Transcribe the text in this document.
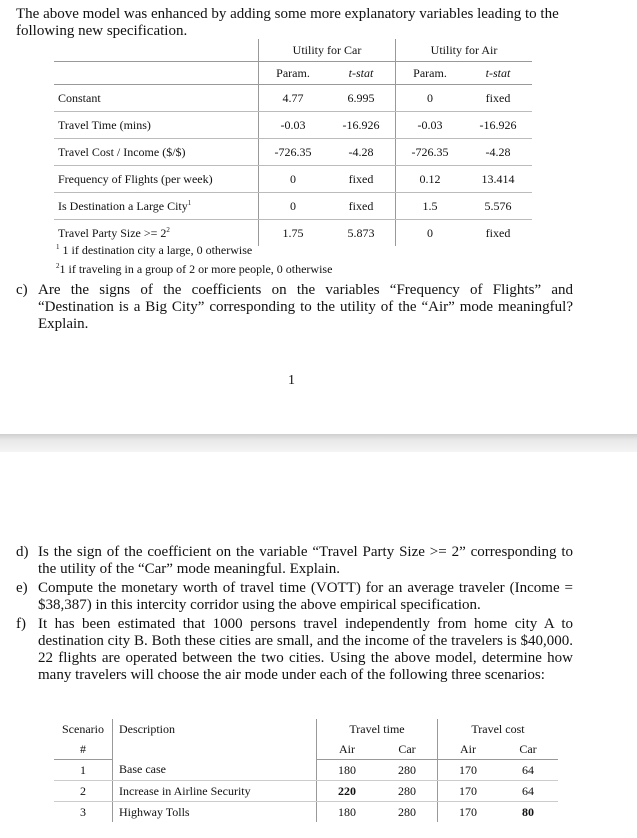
The above model was enhanced by adding some more explanatory variables leading to the following new specification.
	Utility for Car		Utility for Air	
	Param.	t-stat	Param.	t-stat
Constant	4.77	6.995	0	fixed
Travel Time (mins)	-0.03	-16.926	-0.03	-16.926
Travel Cost / Income ($/$)	-726.35	-4.28	-726.35	-4.28
Frequency of Flights (per week)	0	fixed	0.12	13.414
Is Destination a Large City$^1$	0	fixed	1.5	5.576
Travel Party Size >= $2^2$	1.75	5.873	0	fixed
$^1$ 1 if destination city a large, 0 otherwise
$^2$1 if traveling in a group of 2 or more people, 0 otherwise
c) Are the signs of the coefficients on the variables “Frequency of Flights” and “Destination is a Big City” corresponding to the utility of the “Air” mode meaningful? Explain.
1
d) Is the sign of the coefficient on the variable “Travel Party Size >= 2” corresponding to the utility of the “Car” mode meaningful. Explain.
e) Compute the monetary worth of travel time (VOTT) for an average traveler (Income = $38,387) in this intercity corridor using the above empirical specification.
f) It has been estimated that 1000 persons travel independently from home city A to destination city B. Both these cities are small, and the income of the travelers is $40,000. 22 flights are operated between the two cities. Using the above model, determine how many travelers will choose the air mode under each of the following three scenarios:
Scenario	Description	Travel time		Travel cost	
#		Air	Car	Air	Car
1	Base case	180	280	170	64
2	Increase in Airline Security	220	280	170	64
3	Highway Tolls	180	280	170	80
